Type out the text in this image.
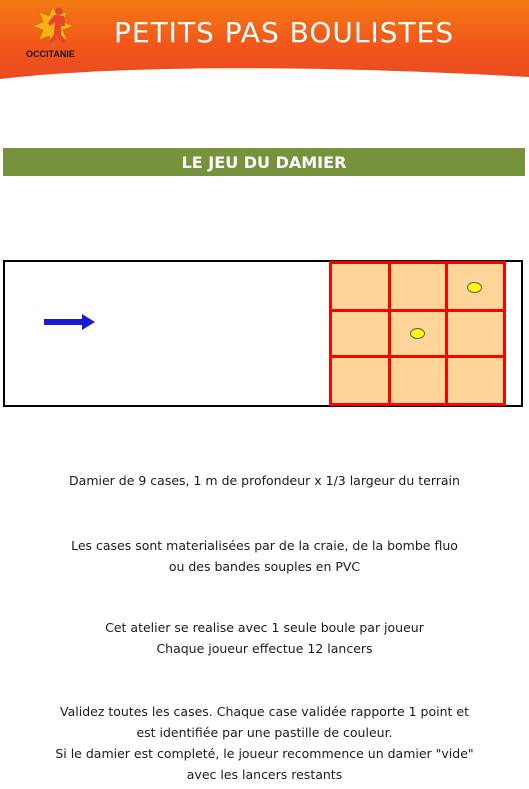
OCCITANIE
PETITS PAS BOULISTES
LE JEU DU DAMIER
Damier de 9 cases, 1 m de profondeur x 1/3 largeur du terrain
Les cases sont materialisées par de la craie, de la bombe fluo
ou des bandes souples en PVC
Cet atelier se realise avec 1 seule boule par joueur
Chaque joueur effectue 12 lancers
Validez toutes les cases. Chaque case validée rapporte 1 point et
est identifiée par une pastille de couleur.
Si le damier est completé, le joueur recommence un damier "vide"
avec les lancers restants
